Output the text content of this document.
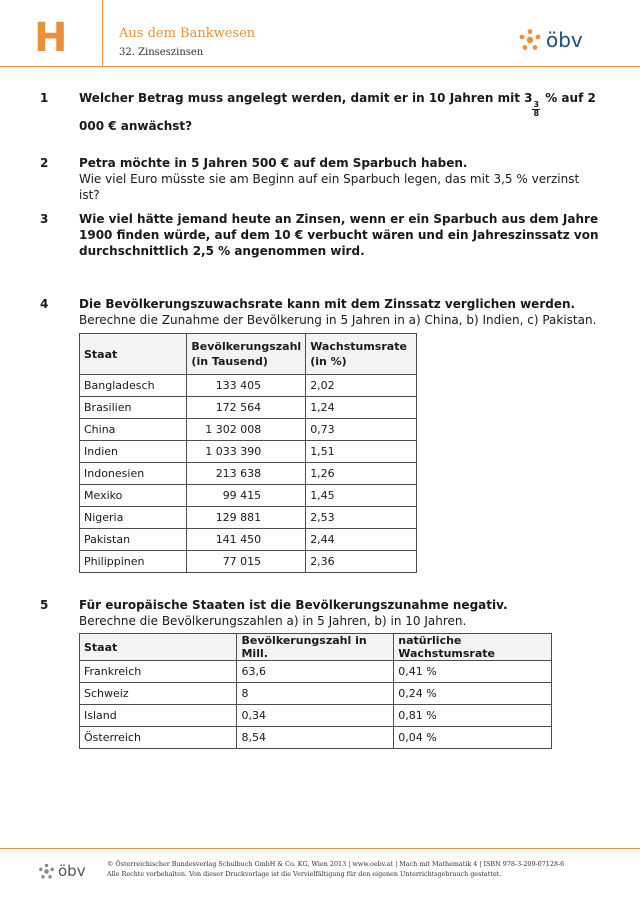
H	Aus dem Bankwesen
32. Zinseszinsen
öbv
1	Welcher Betrag muss angelegt werden, damit er in 10 Jahren mit 3
$\frac{3}{8}$
% auf 2 000 € anwächst?
2	Petra möchte in 5 Jahren 500 € auf dem Sparbuch haben.
Wie viel Euro müsste sie am Beginn auf ein Sparbuch legen, das mit 3,5 % verzinst ist?
3	Wie viel hätte jemand heute an Zinsen, wenn er ein Sparbuch aus dem Jahre 1900 finden würde, auf dem 10 € verbucht wären und ein Jahreszinssatz von durchschnittlich 2,5 % angenommen wird.
4	Die Bevölkerungszuwachsrate kann mit dem Zinssatz verglichen werden.
Berechne die Zunahme der Bevölkerung in 5 Jahren in a) China, b) Indien, c) Pakistan.
Staat	Bevölkerungszahl (in Tausend)	Wachstumsrate (in %)
Bangladesch	133 405	2,02
Brasilien	172 564	1,24
China	1 302 008	0,73
Indien	1 033 390	1,51
Indonesien	213 638	1,26
Mexiko	99 415	1,45
Nigeria	129 881	2,53
Pakistan	141 450	2,44
Philippinen	77 015	2,36
5	Für europäische Staaten ist die Bevölkerungszunahme negativ.
Berechne die Bevölkerungszahlen a) in 5 Jahren, b) in 10 Jahren.
Staat	Bevölkerungszahl in Mill.	natürliche Wachstumsrate
Frankreich	63,6	0,41 %
Schweiz	8	0,24 %
Island	0,34	0,81 %
Österreich	8,54	0,04 %
öbv	© Österreichischer Bundesverlag Schulbuch GmbH & Co. KG, Wien 2013 | www.oebv.at | Mach mit Mathematik 4 | ISBN 978-3-209-07128-6
Alle Rechte vorbehalten. Von dieser Druckvorlage ist die Vervielfältigung für den eigenen Unterrichtsgebrauch gestattet.
